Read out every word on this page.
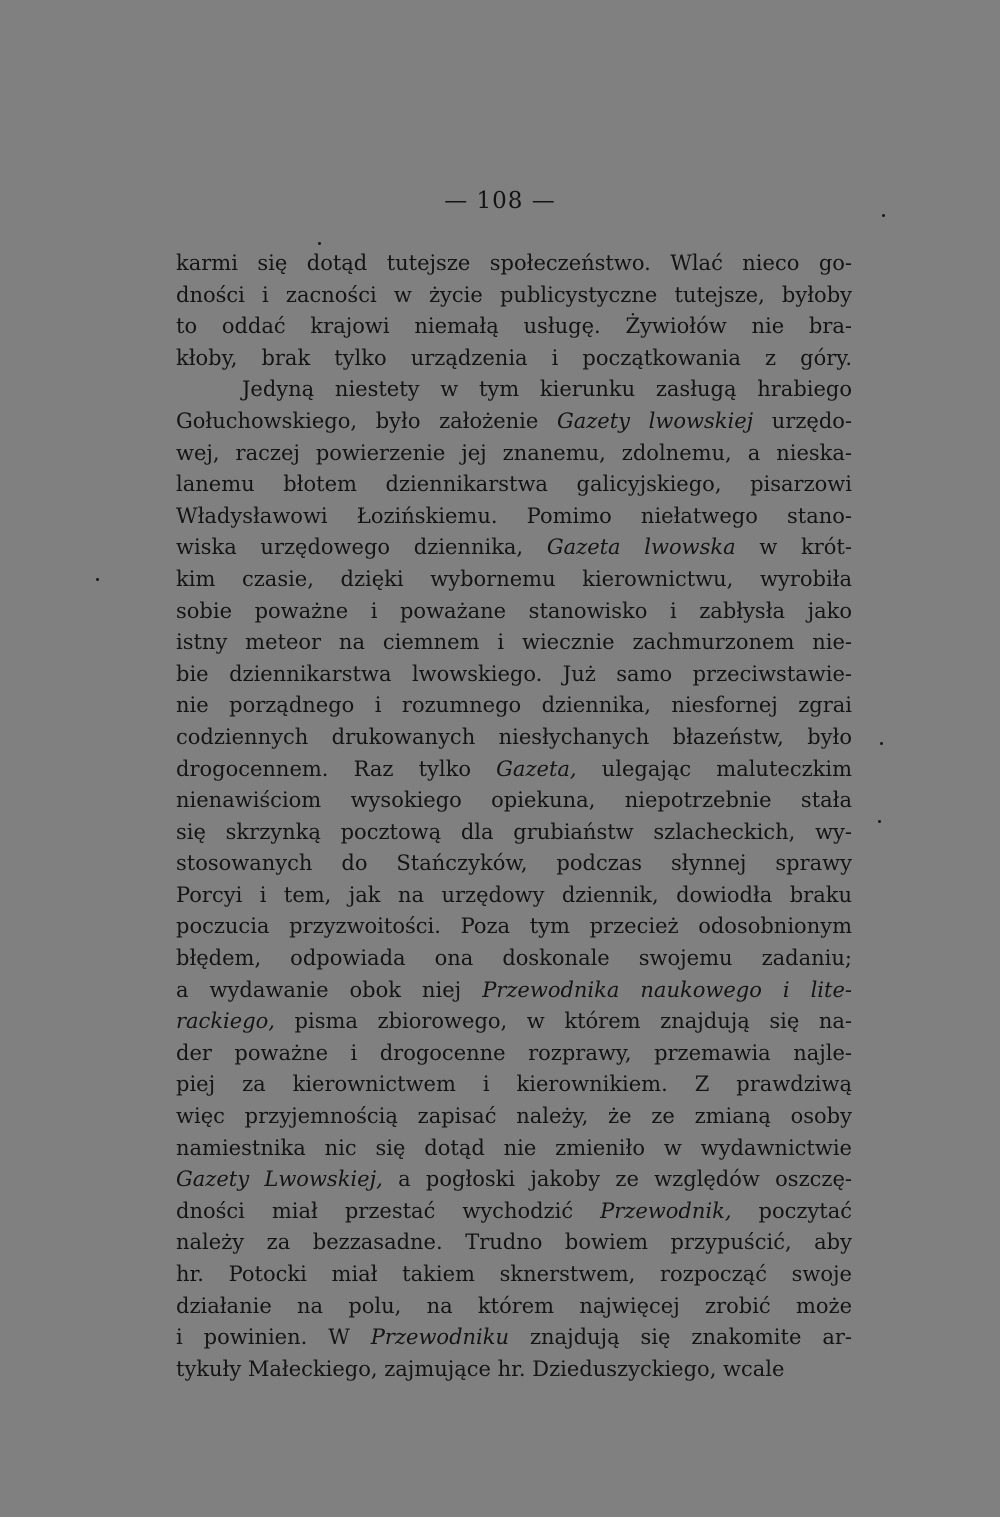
— 108 —
karmi się dotąd tutejsze społeczeństwo. Wlać nieco go-
dności i zacności w życie publicystyczne tutejsze, byłoby
to oddać krajowi niemałą usługę. Żywiołów nie bra-
kłoby, brak tylko urządzenia i początkowania z góry.
Jedyną niestety w tym kierunku zasługą hrabiego
Gołuchowskiego, było założenie Gazety lwowskiej urzędo-
wej, raczej powierzenie jej znanemu, zdolnemu, a nieska-
lanemu błotem dziennikarstwa galicyjskiego, pisarzowi
Władysławowi Łozińskiemu. Pomimo niełatwego stano-
wiska urzędowego dziennika, Gazeta lwowska w krót-
kim czasie, dzięki wybornemu kierownictwu, wyrobiła
sobie poważne i poważane stanowisko i zabłysła jako
istny meteor na ciemnem i wiecznie zachmurzonem nie-
bie dziennikarstwa lwowskiego. Już samo przeciwstawie-
nie porządnego i rozumnego dziennika, niesfornej zgrai
codziennych drukowanych niesłychanych błazeństw, było
drogocennem. Raz tylko Gazeta, ulegając maluteczkim
nienawiściom wysokiego opiekuna, niepotrzebnie stała
się skrzynką pocztową dla grubiaństw szlacheckich, wy-
stosowanych do Stańczyków, podczas słynnej sprawy
Porcyi i tem, jak na urzędowy dziennik, dowiodła braku
poczucia przyzwoitości. Poza tym przecież odosobnionym
błędem, odpowiada ona doskonale swojemu zadaniu;
a wydawanie obok niej Przewodnika naukowego i lite-
rackiego, pisma zbiorowego, w którem znajdują się na-
der poważne i drogocenne rozprawy, przemawia najle-
piej za kierownictwem i kierownikiem. Z prawdziwą
więc przyjemnością zapisać należy, że ze zmianą osoby
namiestnika nic się dotąd nie zmieniło w wydawnictwie
Gazety Lwowskiej, a pogłoski jakoby ze względów oszczę-
dności miał przestać wychodzić Przewodnik, poczytać
należy za bezzasadne. Trudno bowiem przypuścić, aby
hr. Potocki miał takiem sknerstwem, rozpocząć swoje
działanie na polu, na którem najwięcej zrobić może
i powinien. W Przewodniku znajdują się znakomite ar-
tykuły Małeckiego, zajmujące hr. Dzieduszyckiego, wcale
